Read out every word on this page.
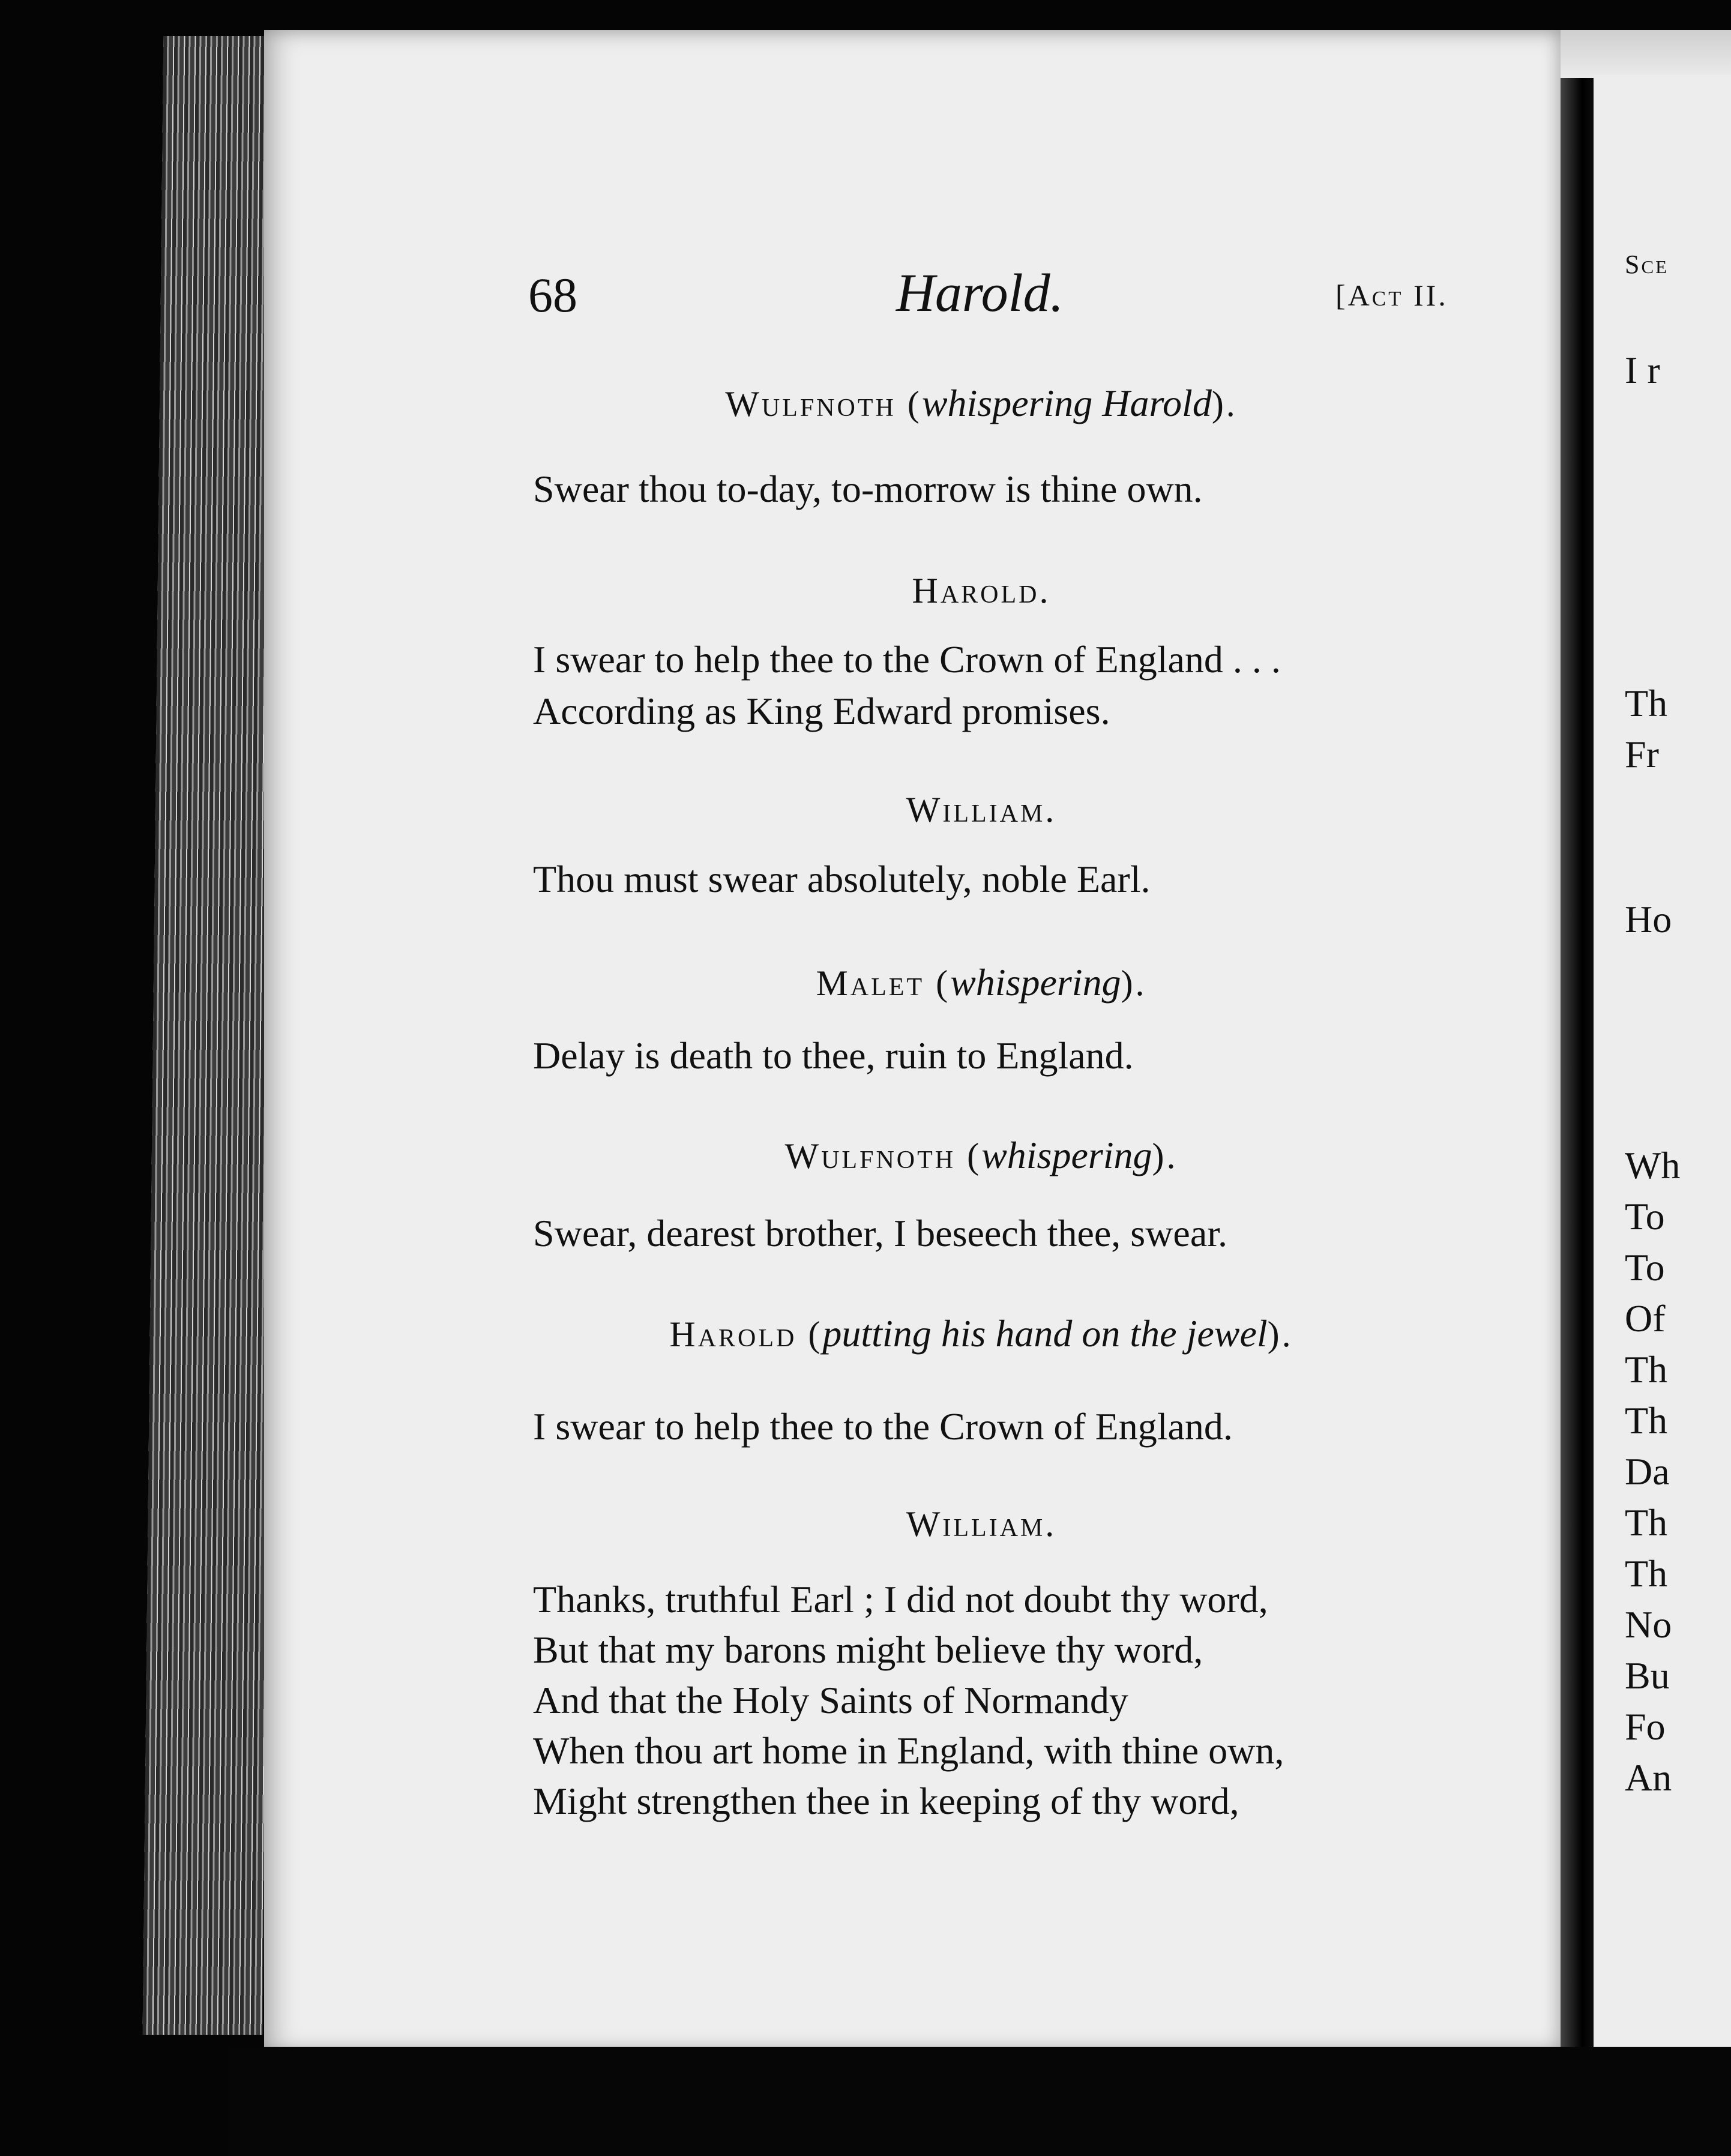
68	Harold.	[Act II.
Wulfnoth (whispering Harold).
Swear thou to-day, to-morrow is thine own.
Harold.
I swear to help thee to the Crown of England . . .
According as King Edward promises.
William.
Thou must swear absolutely, noble Earl.
Malet (whispering).
Delay is death to thee, ruin to England.
Wulfnoth (whispering).
Swear, dearest brother, I beseech thee, swear.
Harold (putting his hand on the jewel).
I swear to help thee to the Crown of England.
William.
Thanks, truthful Earl ; I did not doubt thy word,
But that my barons might believe thy word,
And that the Holy Saints of Normandy
When thou art home in England, with thine own,
Might strengthen thee in keeping of thy word,
Sce
I r
Th
Fr
Ho
Wh
To
To
Of
Th
Th
Da
Th
Th
No
Bu
Fo
An
